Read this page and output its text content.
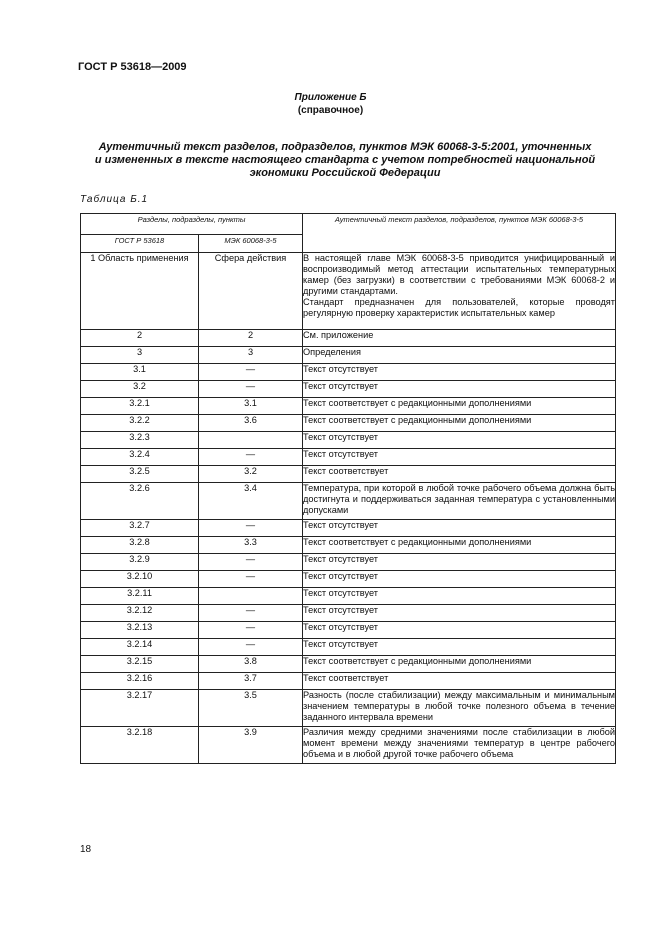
ГОСТ Р 53618—2009
Приложение Б
(справочное)
Аутентичный текст разделов, подразделов, пунктов МЭК 60068-3-5:2001, уточненных
и измененных в тексте настоящего стандарта с учетом потребностей национальной
экономики Российской Федерации
Таблица Б.1
Разделы, подразделы, пункты		Аутентичный текст разделов, подразделов, пунктов МЭК 60068-3-5
ГОСТ Р 53618	МЭК 60068-3-5	
1 Область применения	Сфера действия	В настоящей главе МЭК 60068-3-5 приводится унифицированный и воспроизводимый метод аттестации испытательных температурных камер (без загрузки) в соответствии с требованиями МЭК 60068-2 и другими стандартами.
Стандарт предназначен для пользователей, которые проводят регулярную проверку характеристик испытательных камер

2	2	См. приложение
3	3	Определения
3.1	—	Текст отсутствует
3.2	—	Текст отсутствует
3.2.1	3.1	Текст соответствует с редакционными дополнениями
3.2.2	3.6	Текст соответствует с редакционными дополнениями
3.2.3		Текст отсутствует
3.2.4	—	Текст отсутствует
3.2.5	3.2	Текст соответствует
3.2.6	3.4	Температура, при которой в любой точке рабочего объема должна быть достигнута и поддерживаться заданная температура с установленными допусками
3.2.7	—	Текст отсутствует
3.2.8	3.3	Текст соответствует с редакционными дополнениями
3.2.9	—	Текст отсутствует
3.2.10	—	Текст отсутствует
3.2.11		Текст отсутствует
3.2.12	—	Текст отсутствует
3.2.13	—	Текст отсутствует
3.2.14	—	Текст отсутствует
3.2.15	3.8	Текст соответствует с редакционными дополнениями
3.2.16	3.7	Текст соответствует
3.2.17	3.5	Разность (после стабилизации) между максимальным и минимальным значением температуры в любой точке полезного объема в течение заданного интервала времени
3.2.18	3.9	Различия между средними значениями после стабилизации в любой момент времени между значениями температур в центре рабочего объема и в любой другой точке рабочего объема
18
